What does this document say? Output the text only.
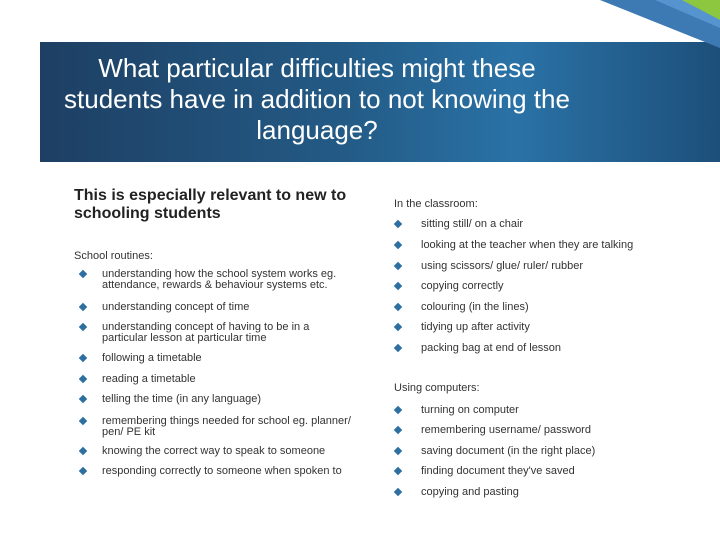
What particular difficulties might these students have in addition to not knowing the language?
This is especially relevant to new to schooling students
School routines:
understanding how the school system works eg. attendance, rewards & behaviour systems etc.
understanding concept of time
understanding concept of having to be in a particular lesson at particular time
following a timetable
reading a timetable
telling the time (in any language)
remembering things needed for school eg. planner/ pen/ PE kit
knowing the correct way to speak to someone
responding correctly to someone when spoken to
In the classroom:
sitting still/ on a chair
looking at the teacher when they are talking
using scissors/ glue/ ruler/ rubber
copying correctly
colouring (in the lines)
tidying up after activity
packing bag at end of lesson
Using computers:
turning on computer
remembering username/ password
saving document (in the right place)
finding document they've saved
copying and pasting
